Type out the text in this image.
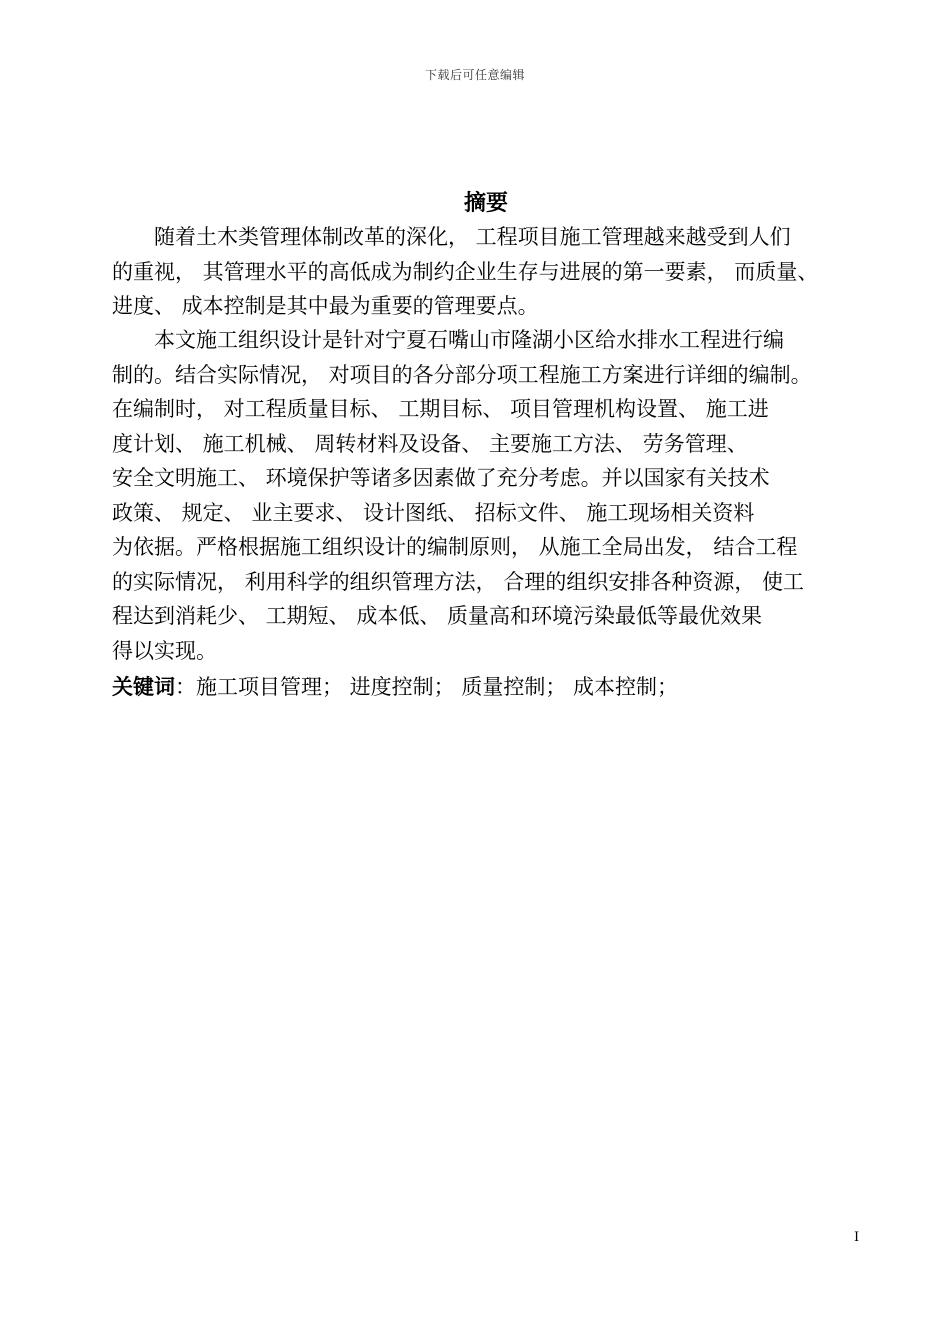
下载后可任意编辑
摘要
　　随着土木类管理体制改革的深化， 工程项目施工管理越来越受到人们
的重视， 其管理水平的高低成为制约企业生存与进展的第一要素， 而质量、
进度、 成本控制是其中最为重要的管理要点。
　　本文施工组织设计是针对宁夏石嘴山市隆湖小区给水排水工程进行编
制的。结合实际情况， 对项目的各分部分项工程施工方案进行详细的编制。
在编制时， 对工程质量目标、 工期目标、 项目管理机构设置、 施工进
度计划、 施工机械、 周转材料及设备、 主要施工方法、 劳务管理、
安全文明施工、 环境保护等诸多因素做了充分考虑。并以国家有关技术
政策、 规定、 业主要求、 设计图纸、 招标文件、 施工现场相关资料
为依据。严格根据施工组织设计的编制原则， 从施工全局出发， 结合工程
的实际情况， 利用科学的组织管理方法， 合理的组织安排各种资源， 使工
程达到消耗少、 工期短、 成本低、 质量高和环境污染最低等最优效果
得以实现。
关键词：施工项目管理； 进度控制； 质量控制； 成本控制；
I
